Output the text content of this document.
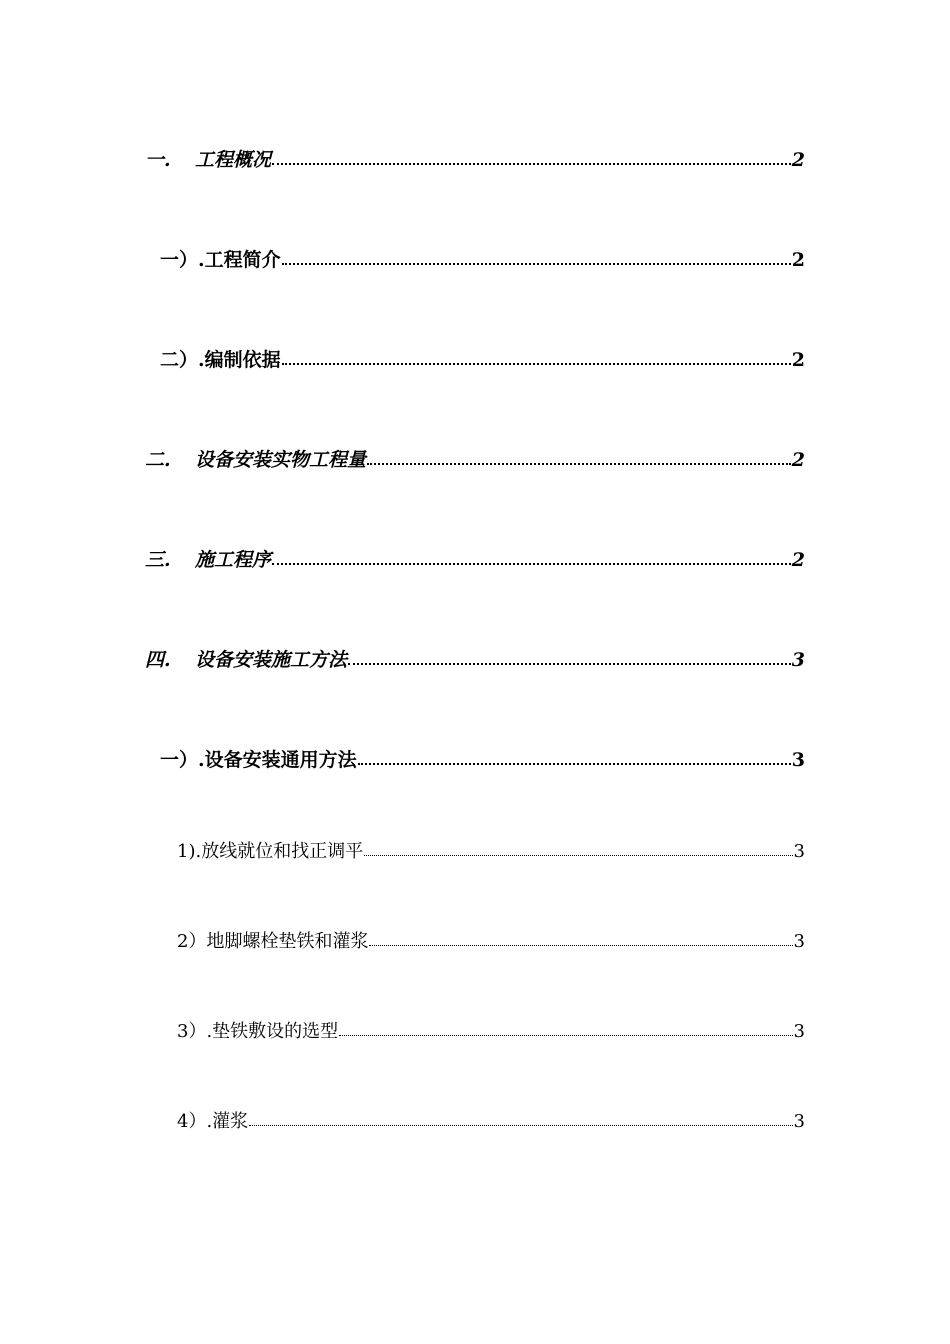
一.	工程概况	2
一）.工程简介	2
二）.编制依据	2
二.	设备安装实物工程量	2
三.	施工程序	2
四.	设备安装施工方法	3
一）.设备安装通用方法	3
1).放线就位和找正调平	3
2）地脚螺栓垫铁和灌浆	3
3）.垫铁敷设的选型	3
4）.灌浆	3
